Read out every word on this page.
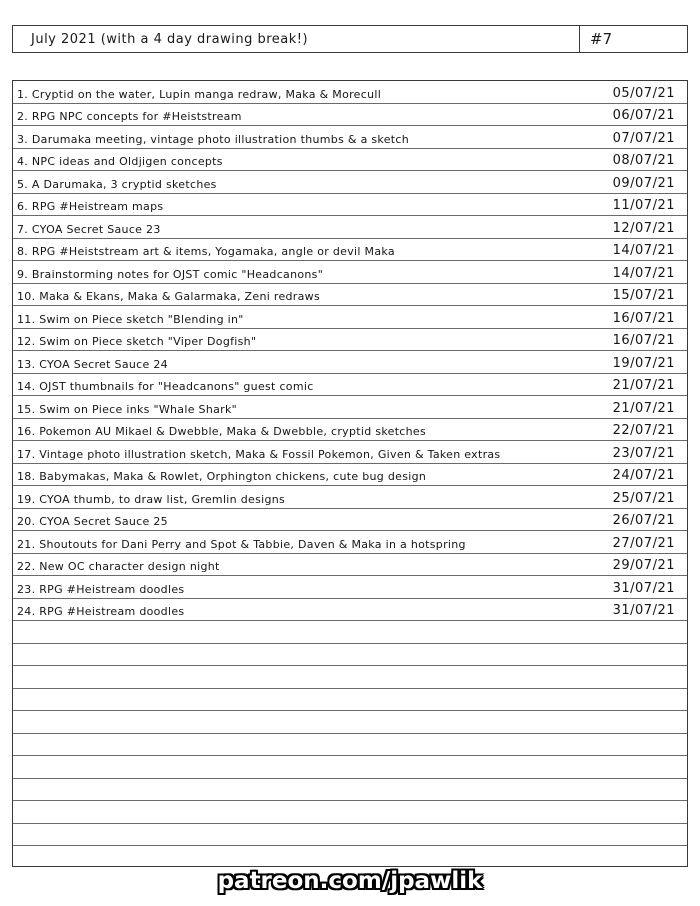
July 2021 (with a 4 day drawing break!)	#7
1. Cryptid on the water, Lupin manga redraw, Maka & Morecull	05/07/21
2. RPG NPC concepts for #Heiststream	06/07/21
3. Darumaka meeting, vintage photo illustration thumbs & a sketch	07/07/21
4. NPC ideas and Oldjigen concepts	08/07/21
5. A Darumaka, 3 cryptid sketches	09/07/21
6. RPG #Heistream maps	11/07/21
7. CYOA Secret Sauce 23	12/07/21
8. RPG #Heiststream art & items, Yogamaka, angle or devil Maka	14/07/21
9. Brainstorming notes for OJST comic "Headcanons"	14/07/21
10. Maka & Ekans, Maka & Galarmaka, Zeni redraws	15/07/21
11. Swim on Piece sketch "Blending in"	16/07/21
12. Swim on Piece sketch "Viper Dogfish"	16/07/21
13. CYOA Secret Sauce 24	19/07/21
14. OJST thumbnails for "Headcanons" guest comic	21/07/21
15. Swim on Piece inks "Whale Shark"	21/07/21
16. Pokemon AU Mikael & Dwebble, Maka & Dwebble, cryptid sketches	22/07/21
17. Vintage photo illustration sketch, Maka & Fossil Pokemon, Given & Taken extras	23/07/21
18. Babymakas, Maka & Rowlet, Orphington chickens, cute bug design	24/07/21
19. CYOA thumb, to draw list, Gremlin designs	25/07/21
20. CYOA Secret Sauce 25	26/07/21
21. Shoutouts for Dani Perry and Spot & Tabbie, Daven & Maka in a hotspring	27/07/21
22. New OC character design night	29/07/21
23. RPG #Heistream doodles	31/07/21
24. RPG #Heistream doodles	31/07/21
patreon.com/jpawlik
